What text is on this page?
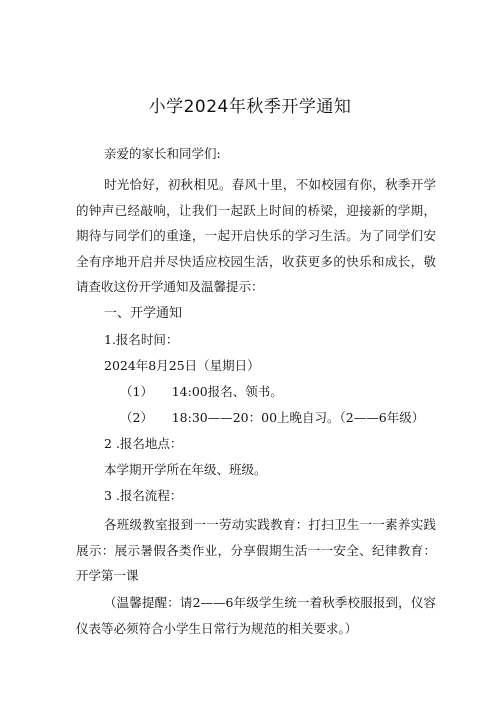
小学2024年秋季开学通知
亲爱的家长和同学们:
时光恰好，初秋相见。春风十里，不如校园有你，秋季开学的钟声已经敲响，让我们一起跃上时间的桥梁，迎接新的学期，期待与同学们的重逢，一起开启快乐的学习生活。为了同学们安全有序地开启并尽快适应校园生活，收获更多的快乐和成长，敬请查收这份开学通知及温馨提示：
一、开学通知
1.报名时间：
2024年8月25日（星期日）
（1）　　14:00报名、领书。
（2）　　18:30——20：00上晚自习。（2——6年级）
2 .报名地点：
本学期开学所在年级、班级。
3 .报名流程：
各班级教室报到一一劳动实践教育：打扫卫生一一素养实践展示：展示暑假各类作业，分享假期生活一一安全、纪律教育：开学第一课
（温馨提醒：请2——6年级学生统一着秋季校服报到，仪容仪表等必须符合小学生日常行为规范的相关要求。）
